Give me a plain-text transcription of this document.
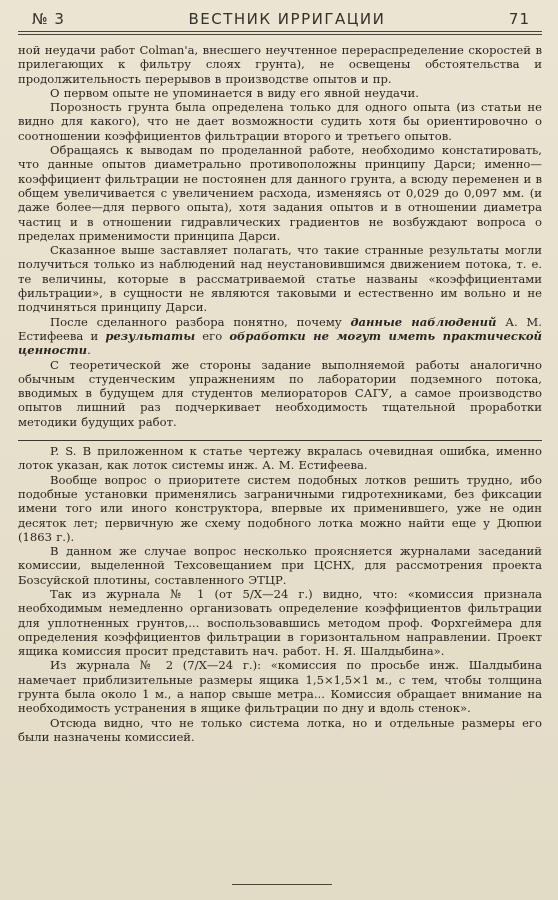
№ 3	ВЕСТНИК ИРРИГАЦИИ	71

ной неудачи работ Colman'а, внесшего неучтенное перераспределение скоростей в прилегающих к фильтру слоях грунта), не освещены обстоятельства и продолжительность перерывов в производстве опытов и пр.

О первом опыте не упоминается в виду его явной неудачи.

Порозность грунта была определена только для одного опыта (из статьи не видно для какого), что не дает возможности судить хотя бы ориентировочно о соотношении коэффициентов фильтрации второго и третьего опытов.

Обращаясь к выводам по проделанной работе, необходимо констатировать, что данные опытов диаметрально противоположны принципу Дарси; именно—коэффициент фильтрации не постоянен для данного грунта, а всюду переменен и в общем увеличивается с увеличением расхода, изменяясь от 0,029 до 0,097 мм. (и даже более—для первого опыта), хотя задания опытов и в отношении диаметра частиц и в отношении гидравлических градиентов не возбуждают вопроса о пределах применимости принципа Дарси.

Сказанное выше заставляет полагать, что такие странные результаты могли получиться только из наблюдений над неустановившимся движением потока, т. е. те величины, которые в рассматриваемой статье названы «коэффициентами фильтрации», в сущности не являются таковыми и естественно им вольно и не подчиняться принципу Дарси.

После сделанного разбора понятно, почему данные наблюдений А. М. Естифеева и результаты его обработки не могут иметь практической ценности.

С теоретической же стороны задание выполняемой работы аналогично обычным студенческим упражнениям по лаборатории подземного потока, вводимых в будущем для студентов мелиораторов САГУ, а самое производство опытов лишний раз подчеркивает необходимость тщательной проработки методики будущих работ.

P. S. В приложенном к статье чертежу вкралась очевидная ошибка, именно лоток указан, как лоток системы инж. А. М. Естифеева.

Вообще вопрос о приоритете систем подобных лотков решить трудно, ибо подобные установки применялись заграничными гидротехниками, без фиксации имени того или иного конструктора, впервые их применившего, уже не один десяток лет; первичную же схему подобного лотка можно найти еще у Дюпюи (1863 г.).

В данном же случае вопрос несколько проясняется журналами заседаний комиссии, выделенной Техсовещанием при ЦСНХ, для рассмотрения проекта Бозсуйской плотины, составленного ЭТЦР.

Так из журнала № 1 (от 5/X—24 г.) видно, что: «комиссия признала необходимым немедленно организовать определение коэффициентов фильтрации для уплотненных грунтов,... воспользовавшись методом проф. Форхгеймера для определения коэффициентов фильтрации в горизонтальном направлении. Проект ящика комиссия просит представить нач. работ. Н. Я. Шалдыбина».

Из журнала № 2 (7/X—24 г.): «комиссия по просьбе инж. Шалдыбина намечает приблизительные размеры ящика 1,5×1,5×1 м., с тем, чтобы толщина грунта была около 1 м., а напор свыше метра... Комиссия обращает внимание на необходимость устранения в ящике фильтрации по дну и вдоль стенок».

Отсюда видно, что не только система лотка, но и отдельные размеры его были назначены комиссией.
